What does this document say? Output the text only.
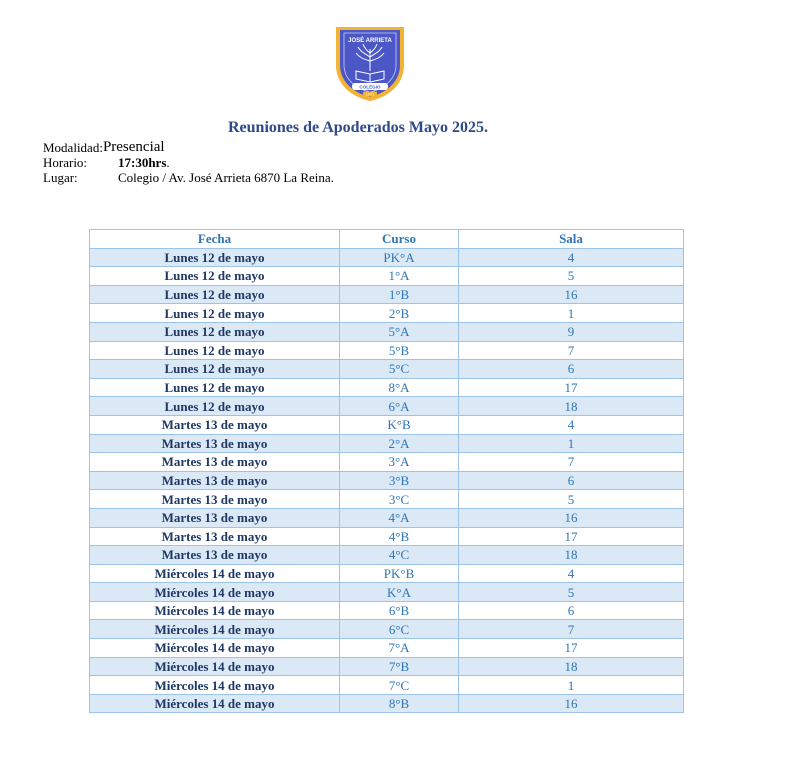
JOSÉ ARRIETA
COLEGIO
1973
Reuniones de Apoderados Mayo 2025.
Modalidad: Presencial
Horario:	17:30hrs.
Lugar:	Colegio / Av. José Arrieta 6870 La Reina.
Fecha	Curso	Sala
Lunes 12 de mayo	PK°A	4
Lunes 12 de mayo	1°A	5
Lunes 12 de mayo	1°B	16
Lunes 12 de mayo	2°B	1
Lunes 12 de mayo	5°A	9
Lunes 12 de mayo	5°B	7
Lunes 12 de mayo	5°C	6
Lunes 12 de mayo	8°A	17
Lunes 12 de mayo	6°A	18
Martes 13 de mayo	K°B	4
Martes 13 de mayo	2°A	1
Martes 13 de mayo	3°A	7
Martes 13 de mayo	3°B	6
Martes 13 de mayo	3°C	5
Martes 13 de mayo	4°A	16
Martes 13 de mayo	4°B	17
Martes 13 de mayo	4°C	18
Miércoles 14 de mayo	PK°B	4
Miércoles 14 de mayo	K°A	5
Miércoles 14 de mayo	6°B	6
Miércoles 14 de mayo	6°C	7
Miércoles 14 de mayo	7°A	17
Miércoles 14 de mayo	7°B	18
Miércoles 14 de mayo	7°C	1
Miércoles 14 de mayo	8°B	16
